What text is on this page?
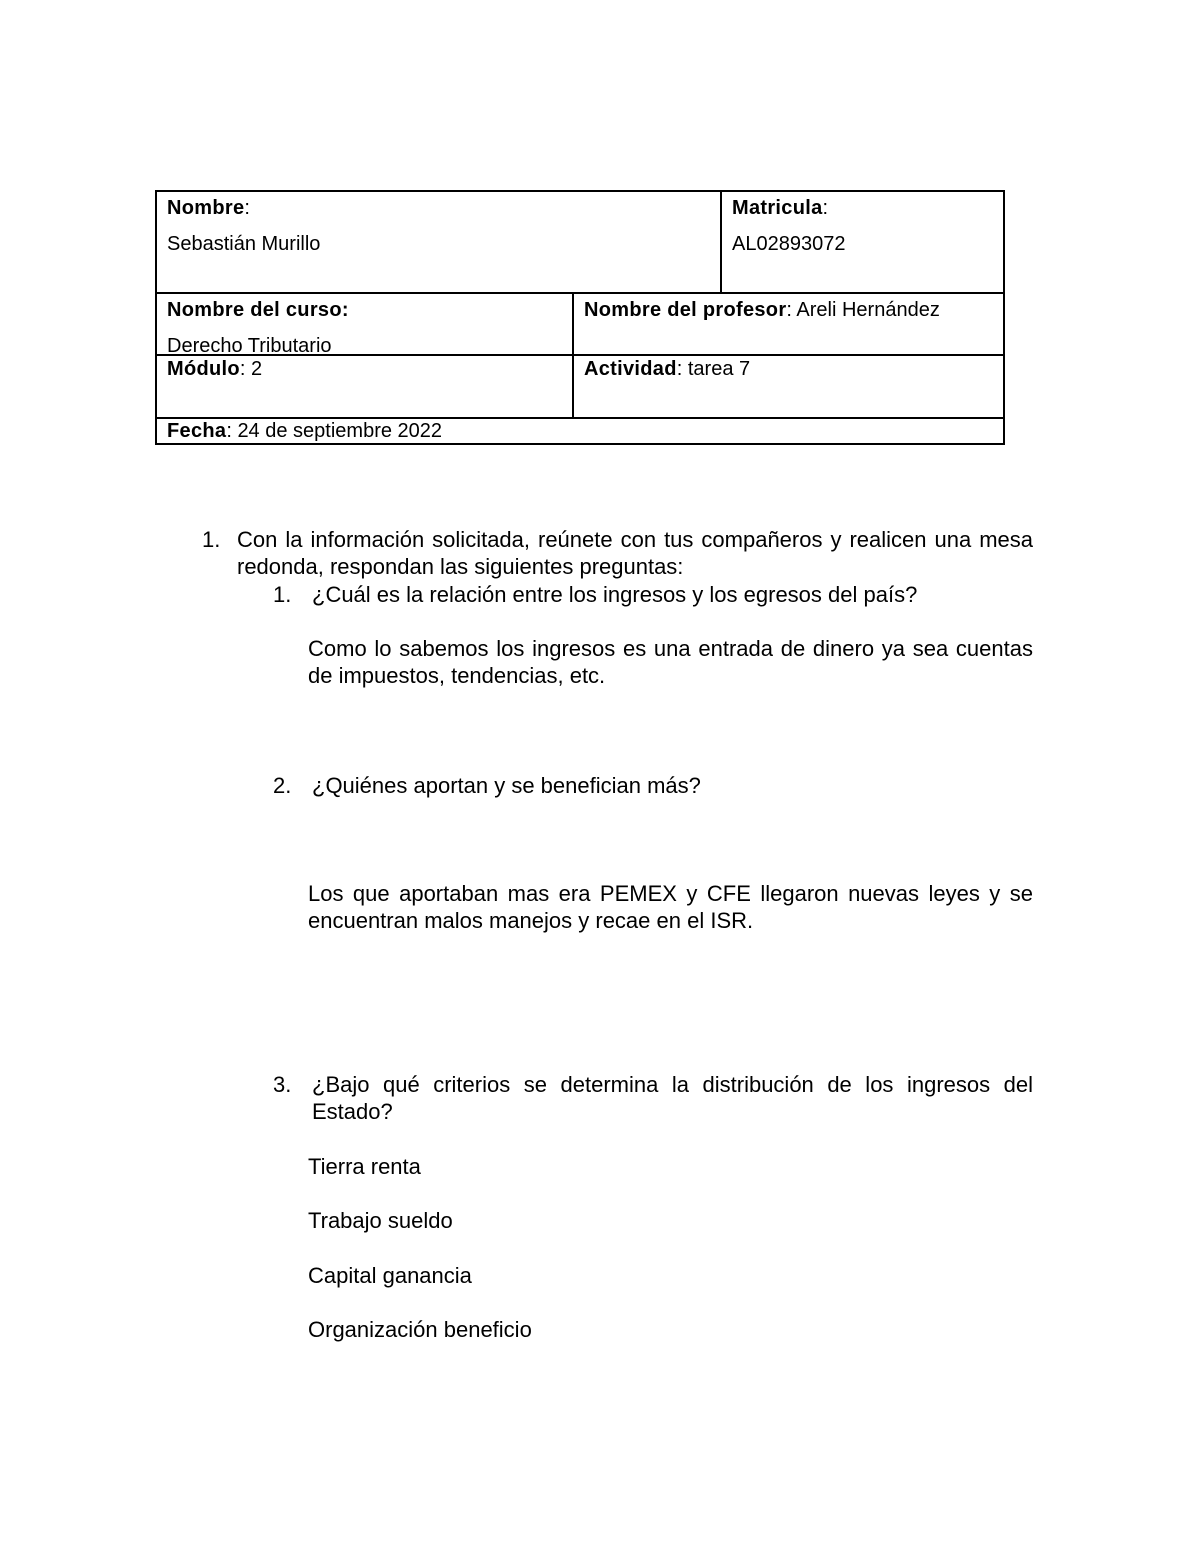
Nombre:

Sebastián Murillo

Matricula:

AL02893072

Nombre del curso:

Derecho Tributario

Nombre del profesor: Areli Hernández

Módulo: 2	Actividad: tarea 7

Fecha: 24 de septiembre 2022

1. Con la información solicitada, reúnete con tus compañeros y realicen una mesa redonda, respondan las siguientes preguntas:

1. ¿Cuál es la relación entre los ingresos y los egresos del país?

Como lo sabemos los ingresos es una entrada de dinero ya sea cuentas de impuestos, tendencias, etc.

2. ¿Quiénes aportan y se benefician más?

Los que aportaban mas era PEMEX y CFE llegaron nuevas leyes y se encuentran malos manejos y recae en el ISR.

3. ¿Bajo qué criterios se determina la distribución de los ingresos del Estado?

Tierra renta

Trabajo sueldo

Capital ganancia

Organización beneficio
